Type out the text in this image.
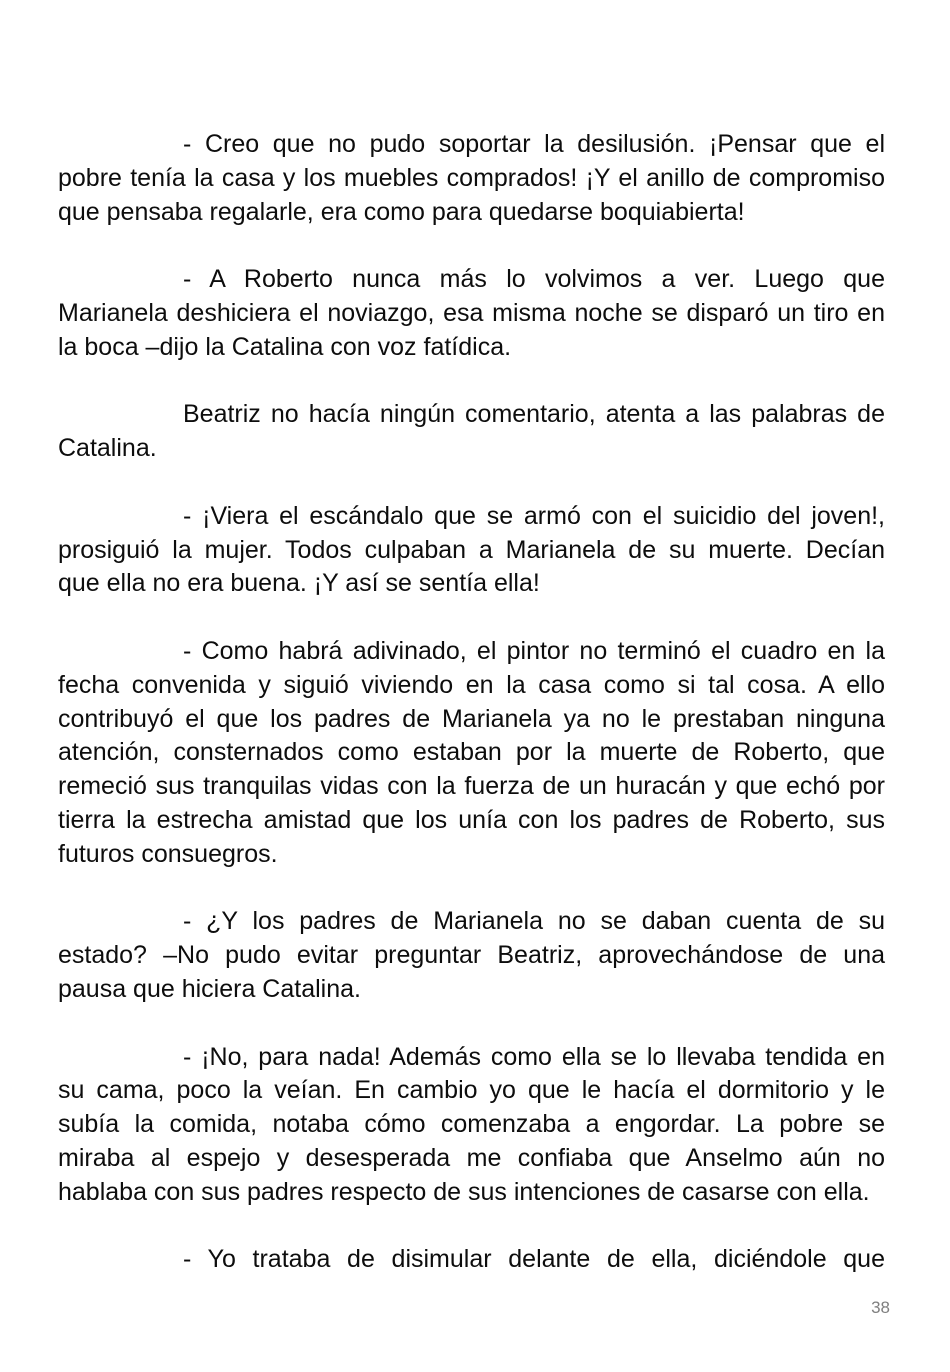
- Creo que no pudo soportar la desilusión. ¡Pensar que el
pobre tenía la casa y los muebles comprados! ¡Y el anillo de compromiso
que pensaba regalarle, era como para quedarse boquiabierta!
- A Roberto nunca más lo volvimos a ver. Luego que
Marianela deshiciera el noviazgo, esa misma noche se disparó un tiro en
la boca –dijo la Catalina con voz fatídica.
Beatriz no hacía ningún comentario, atenta a las palabras de
Catalina.
- ¡Viera el escándalo que se armó con el suicidio del joven!,
prosiguió la mujer. Todos culpaban a Marianela de su muerte. Decían
que ella no era buena. ¡Y así se sentía ella!
- Como habrá adivinado, el pintor no terminó el cuadro en la
fecha convenida y siguió viviendo en la casa como si tal cosa. A ello
contribuyó el que los padres de Marianela ya no le prestaban ninguna
atención, consternados como estaban por la muerte de Roberto, que
remeció sus tranquilas vidas con la fuerza de un huracán y que echó por
tierra la estrecha amistad que los unía con los padres de Roberto, sus
futuros consuegros.
- ¿Y los padres de Marianela no se daban cuenta de su
estado? –No pudo evitar preguntar Beatriz, aprovechándose de una
pausa que hiciera Catalina.
- ¡No, para nada! Además como ella se lo llevaba tendida en
su cama, poco la veían. En cambio yo que le hacía el dormitorio y le
subía la comida, notaba cómo comenzaba a engordar. La pobre se
miraba al espejo y desesperada me confiaba que Anselmo aún no
hablaba con sus padres respecto de sus intenciones de casarse con ella.
- Yo trataba de disimular delante de ella, diciéndole que
38
